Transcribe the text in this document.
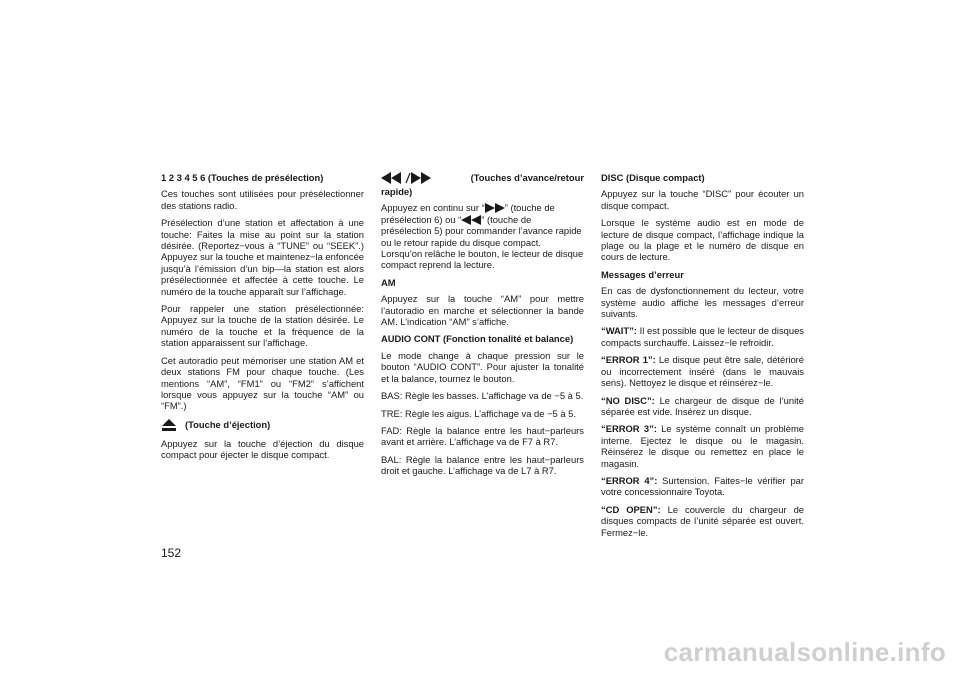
1 2 3 4 5 6 (Touches de présélection)

Ces touches sont utilisées pour présélectionner des stations radio.

Présélection d’une station et affectation à une touche: Faites la mise au point sur la station désirée. (Reportez−vous à “TUNE” ou “SEEK”.) Appuyez sur la touche et maintenez−la enfoncée jusqu’à l’émission d’un bip—la station est alors présélectionnée et affectée à cette touche. Le numéro de la touche apparaît sur l’affichage.

Pour rappeler une station présélectionnée: Appuyez sur la touche de la station désirée. Le numéro de la touche et la fréquence de la station apparaissent sur l’affichage.

Cet autoradio peut mémoriser une station AM et deux stations FM pour chaque touche. (Les mentions “AM”, “FM1” ou “FM2” s’affichent lorsque vous appuyez sur la touche “AM” ou “FM”.)

(Touche d’éjection)

Appuyez sur la touche d’éjection du disque compact pour éjecter le disque compact.

(Touches d’avance/retour

rapide)

Appuyez en continu sur “ ” (touche de
présélection 6) ou “ ” (touche de présélection 5) pour commander l’avance rapide ou le retour rapide du disque compact. Lorsqu’on relâche le bouton, le lecteur de disque compact reprend la lecture.

AM

Appuyez sur la touche “AM” pour mettre l’autoradio en marche et sélectionner la bande AM. L’indication “AM” s’affiche.

AUDIO CONT (Fonction tonalité et balance)

Le mode change à chaque pression sur le bouton “AUDIO CONT”. Pour ajuster la tonalité et la balance, tournez le bouton.

BAS: Règle les basses. L’affichage va de −5 à 5.

TRE: Règle les aigus. L’affichage va de −5 à 5.

FAD: Règle la balance entre les haut−parleurs avant et arrière. L’affichage va de F7 à R7.

BAL: Règle la balance entre les haut−parleurs droit et gauche. L’affichage va de L7 à R7.

DISC (Disque compact)

Appuyez sur la touche “DISC” pour écouter un disque compact.

Lorsque le système audio est en mode de lecture de disque compact, l’affichage indique la plage ou la plage et le numéro de disque en cours de lecture.

Messages d’erreur

En cas de dysfonctionnement du lecteur, votre système audio affiche les messages d’erreur suivants.

“WAIT”: Il est possible que le lecteur de disques compacts surchauffe. Laissez−le refroidir.

“ERROR 1”: Le disque peut être sale, détérioré ou incorrectement inséré (dans le mauvais sens). Nettoyez le disque et réinsérez−le.

“NO DISC”: Le chargeur de disque de l’unité séparée est vide. Insérez un disque.

“ERROR 3”: Le système connaît un problème interne. Ejectez le disque ou le magasin. Réinsérez le disque ou remettez en place le magasin.

“ERROR 4”: Surtension. Faites−le vérifier par votre concessionnaire Toyota.

“CD OPEN”: Le couvercle du chargeur de disques compacts de l’unité séparée est ouvert. Fermez−le.

152
carmanualsonline.info
